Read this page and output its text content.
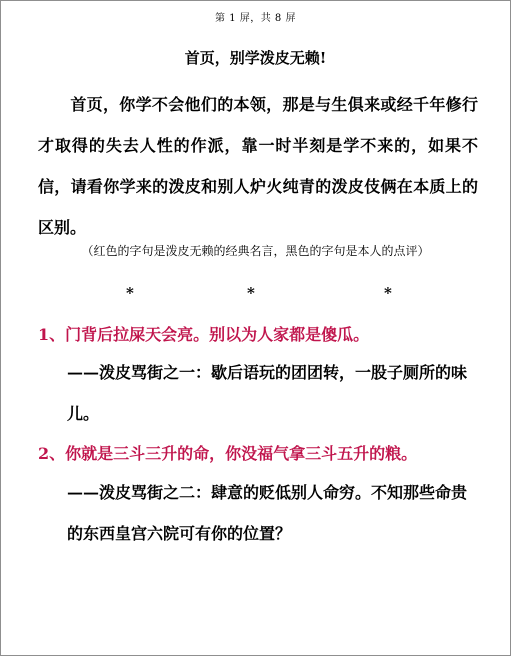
第 1 屏，共 8 屏
首页，别学泼皮无赖!
首页，你学不会他们的本领，那是与生俱来或经千年修行才取得的失去人性的作派，靠一时半刻是学不来的，如果不信，请看你学来的泼皮和别人炉火纯青的泼皮伎俩在本质上的区别。
（红色的字句是泼皮无赖的经典名言，黑色的字句是本人的点评）
*	*	*
1、门背后拉屎天会亮。别以为人家都是傻瓜。
——泼皮骂街之一：歇后语玩的团团转，一股子厕所的味儿。
2、你就是三斗三升的命，你没福气拿三斗五升的粮。
——泼皮骂街之二：肆意的贬低别人命穷。不知那些命贵的东西皇宫六院可有你的位置？
